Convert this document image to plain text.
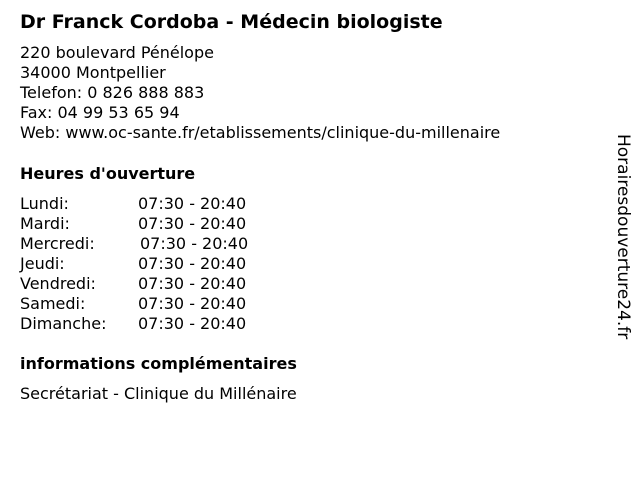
Dr Franck Cordoba - Médecin biologiste
220 boulevard Pénélope
34000 Montpellier
Telefon: 0 826 888 883
Fax: 04 99 53 65 94
Web: www.oc-sante.fr/etablissements/clinique-du-millenaire
Heures d'ouverture
Lundi:	07:30 - 20:40
Mardi:	07:30 - 20:40
Mercredi:	07:30 - 20:40
Jeudi:	07:30 - 20:40
Vendredi:	07:30 - 20:40
Samedi:	07:30 - 20:40
Dimanche: 07:30 - 20:40
informations complémentaires
Secrétariat - Clinique du Millénaire
Horairesdouverture24.fr
